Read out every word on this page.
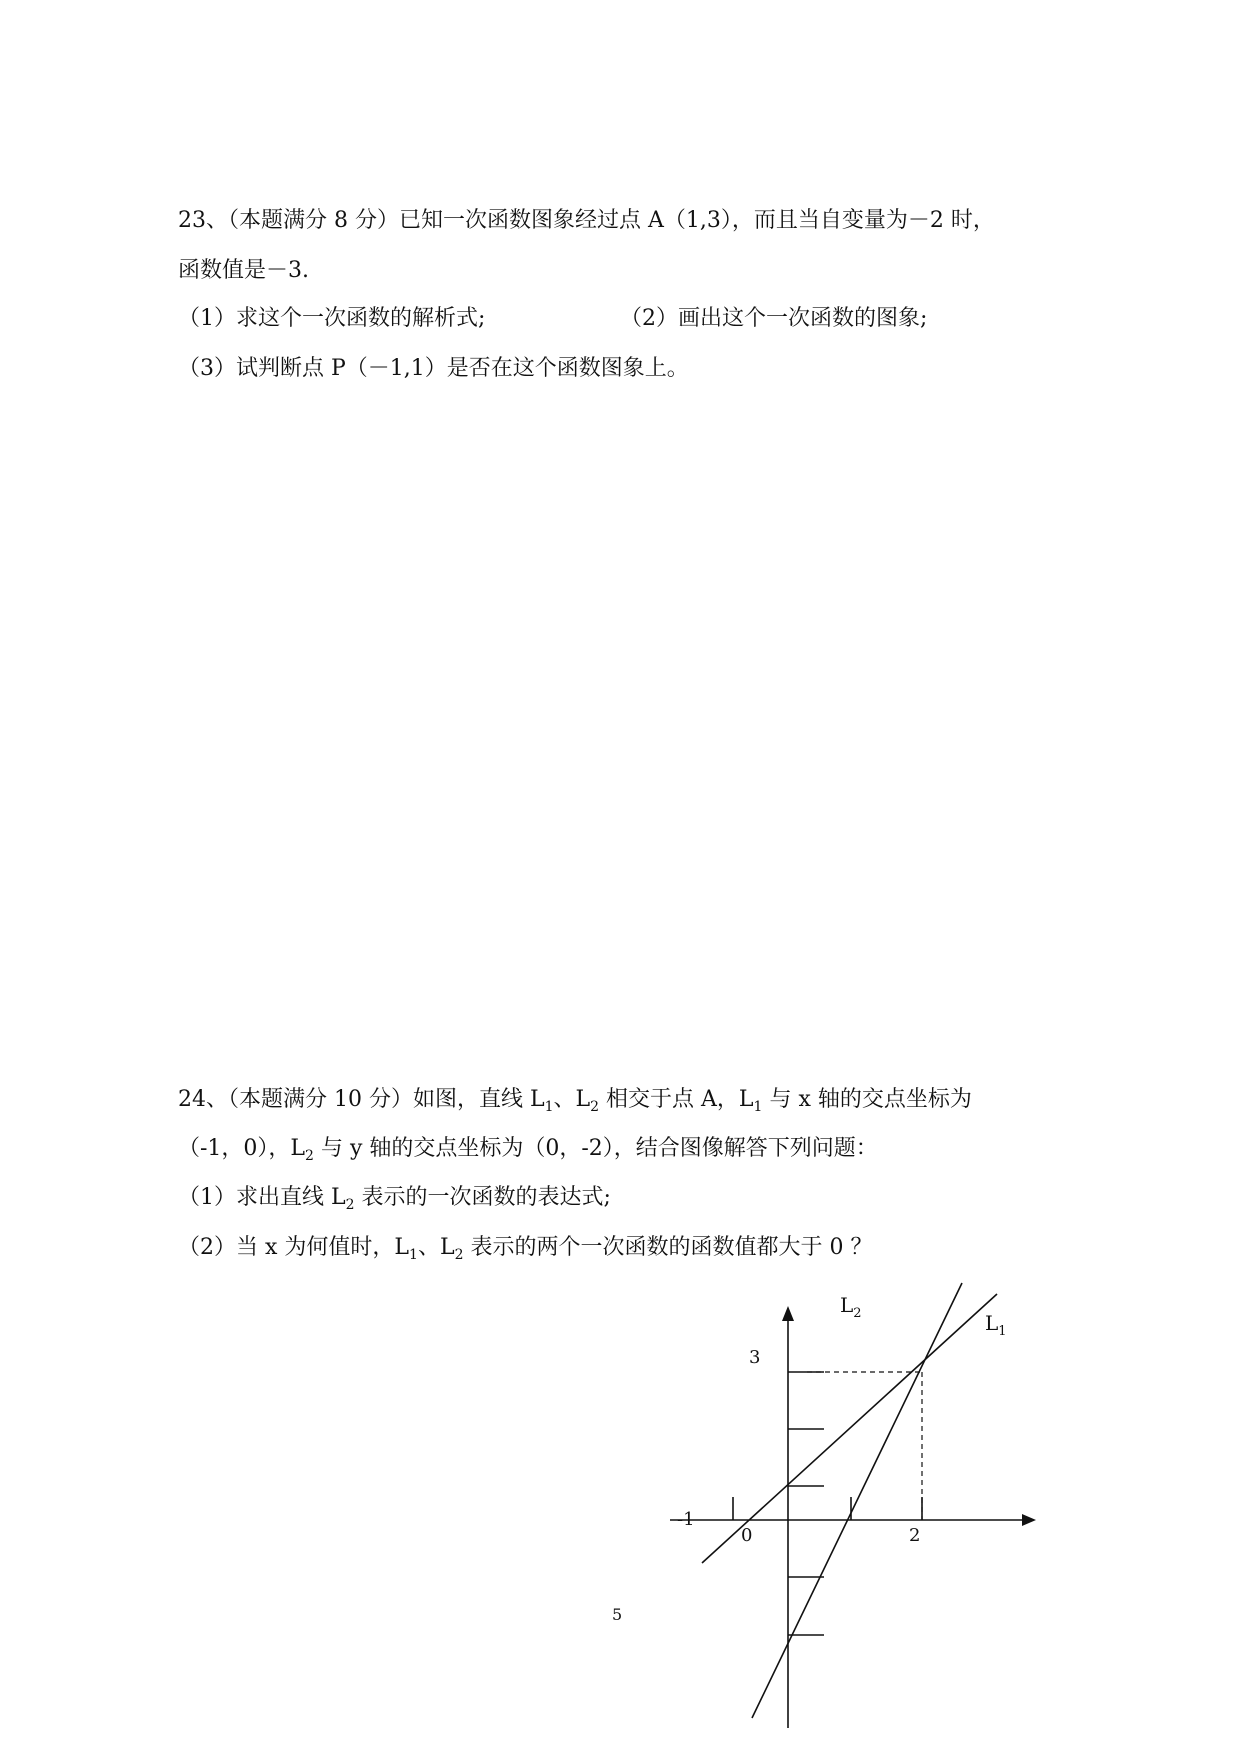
23、（本题满分 8 分）已知一次函数图象经过点 A（1,3），而且当自变量为－2 时，
函数值是－3.
（1）求这个一次函数的解析式;	（2）画出这个一次函数的图象;
（3）试判断点 P（－1,1）是否在这个函数图象上。
24、（本题满分 10 分）如图，直线 $L_1$、$L_2$ 相交于点 A，$L_1$ 与 x 轴的交点坐标为
（-1，0），$L_2$ 与 y 轴的交点坐标为（0，-2），结合图像解答下列问题：
（1）求出直线 $L_2$ 表示的一次函数的表达式;
（2）当 x 为何值时，$L_1$、$L_2$ 表示的两个一次函数的函数值都大于 0 ？
$L_2$	$L_1$
3
-1
0	2
5
